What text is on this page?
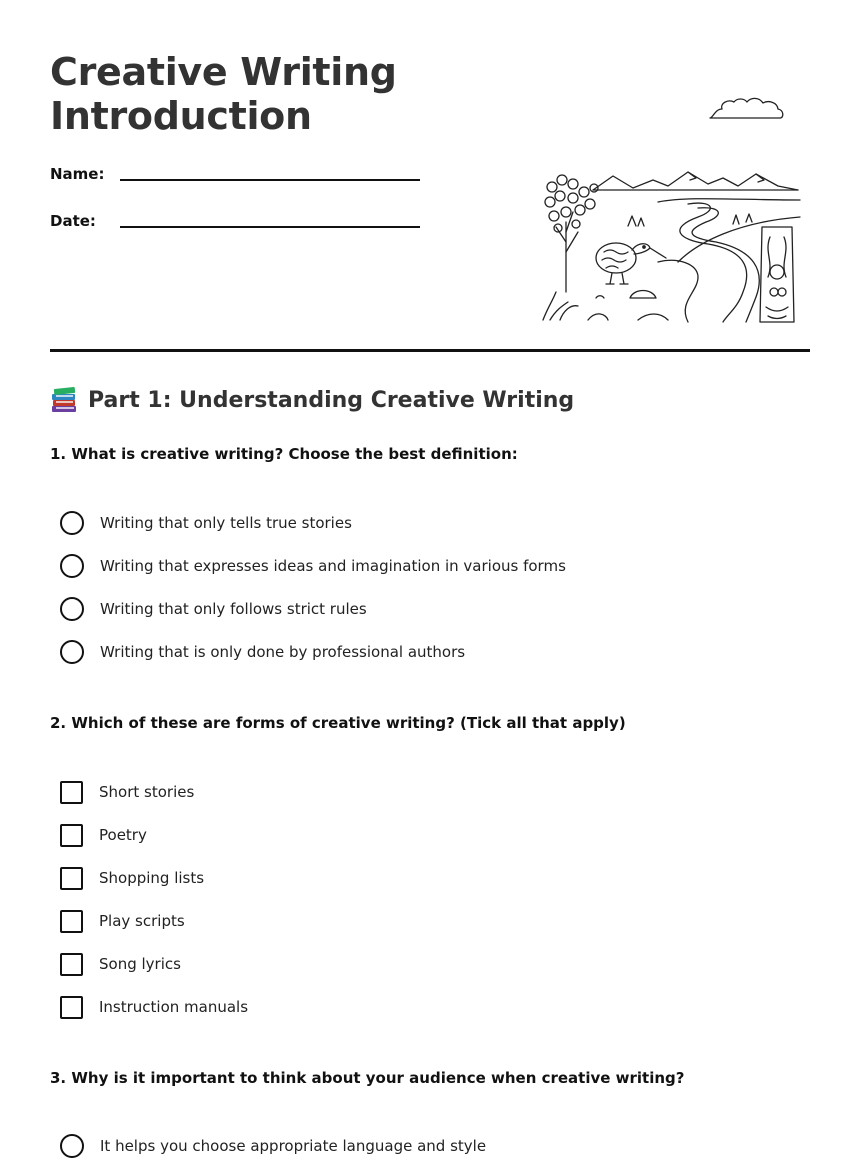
Creative Writing
Introduction
Name:
Date:
Part 1: Understanding Creative Writing

1. What is creative writing? Choose the best definition:

Writing that only tells true stories
Writing that expresses ideas and imagination in various forms
Writing that only follows strict rules
Writing that is only done by professional authors

2. Which of these are forms of creative writing? (Tick all that apply)

Short stories
Poetry
Shopping lists
Play scripts
Song lyrics
Instruction manuals

3. Why is it important to think about your audience when creative writing?

It helps you choose appropriate language and style
